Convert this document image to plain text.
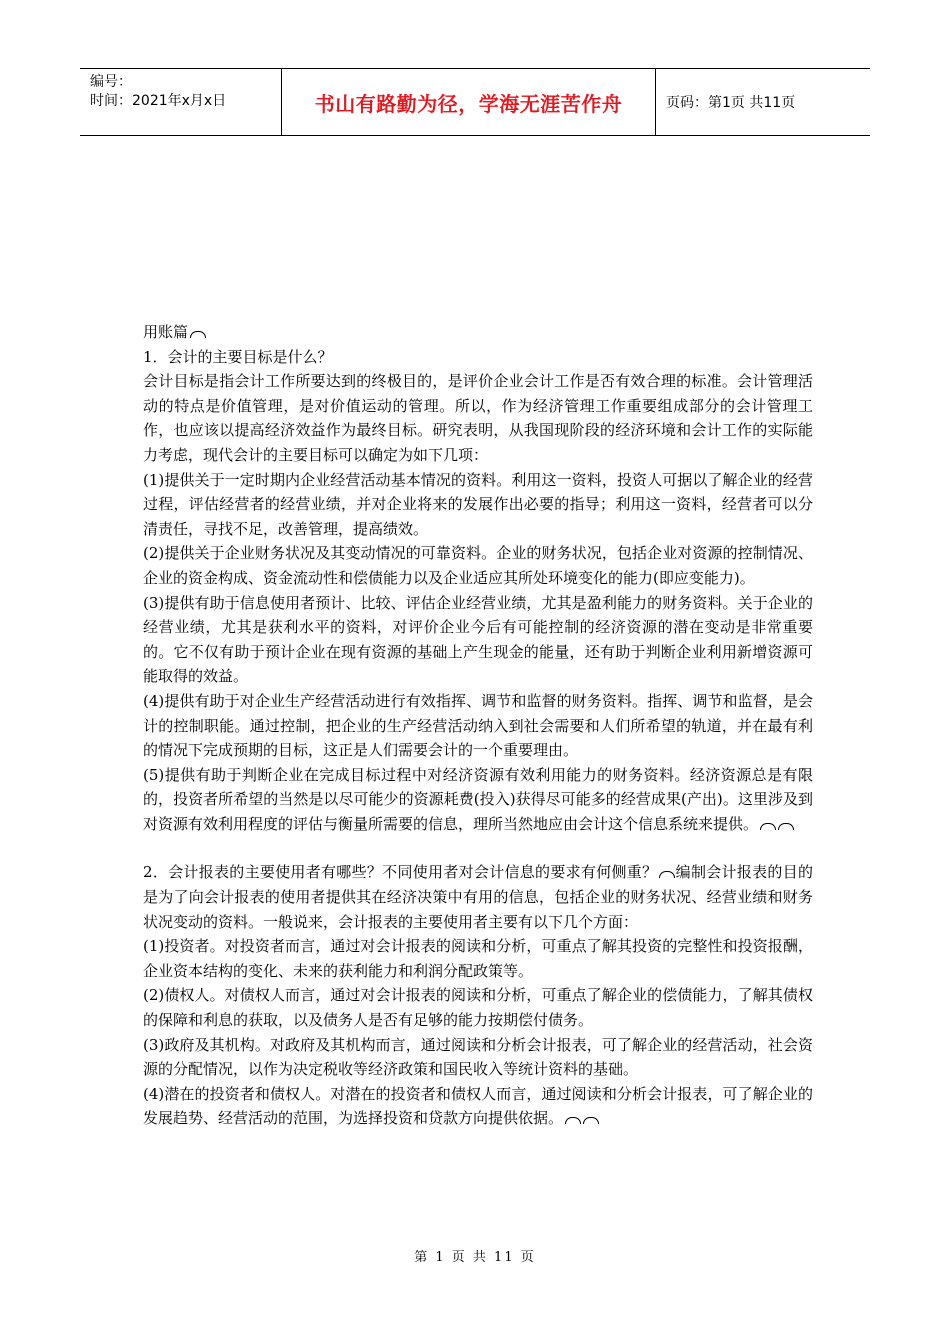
编号：
时间：2021年x月x日	书山有路勤为径，学海无涯苦作舟	页码：第1页 共11页

用账篇

1．会计的主要目标是什么？

会计目标是指会计工作所要达到的终极目的，是评价企业会计工作是否有效合理的标准。会计管理活动的特点是价值管理，是对价值运动的管理。所以，作为经济管理工作重要组成部分的会计管理工作，也应该以提高经济效益作为最终目标。研究表明，从我国现阶段的经济环境和会计工作的实际能力考虑，现代会计的主要目标可以确定为如下几项：

(1)提供关于一定时期内企业经营活动基本情况的资料。利用这一资料，投资人可据以了解企业的经营过程，评估经营者的经营业绩，并对企业将来的发展作出必要的指导；利用这一资料，经营者可以分清责任，寻找不足，改善管理，提高绩效。

(2)提供关于企业财务状况及其变动情况的可靠资料。企业的财务状况，包括企业对资源的控制情况、企业的资金构成、资金流动性和偿债能力以及企业适应其所处环境变化的能力(即应变能力)。

(3)提供有助于信息使用者预计、比较、评估企业经营业绩，尤其是盈利能力的财务资料。关于企业的经营业绩，尤其是获利水平的资料，对评价企业今后有可能控制的经济资源的潜在变动是非常重要的。它不仅有助于预计企业在现有资源的基础上产生现金的能量，还有助于判断企业利用新增资源可能取得的效益。

(4)提供有助于对企业生产经营活动进行有效指挥、调节和监督的财务资料。指挥、调节和监督，是会计的控制职能。通过控制，把企业的生产经营活动纳入到社会需要和人们所希望的轨道，并在最有利的情况下完成预期的目标，这正是人们需要会计的一个重要理由。

(5)提供有助于判断企业在完成目标过程中对经济资源有效利用能力的财务资料。经济资源总是有限的，投资者所希望的当然是以尽可能少的资源耗费(投入)获得尽可能多的经营成果(产出)。这里涉及到对资源有效利用程度的评估与衡量所需要的信息，理所当然地应由会计这个信息系统来提供。

2．会计报表的主要使用者有哪些？不同使用者对会计信息的要求有何侧重？ 编制会计报表的目的是为了向会计报表的使用者提供其在经济决策中有用的信息，包括企业的财务状况、经营业绩和财务状况变动的资料。一般说来，会计报表的主要使用者主要有以下几个方面：

(1)投资者。对投资者而言，通过对会计报表的阅读和分析，可重点了解其投资的完整性和投资报酬，企业资本结构的变化、未来的获利能力和利润分配政策等。

(2)债权人。对债权人而言，通过对会计报表的阅读和分析，可重点了解企业的偿债能力，了解其债权的保障和利息的获取，以及债务人是否有足够的能力按期偿付债务。

(3)政府及其机构。对政府及其机构而言，通过阅读和分析会计报表，可了解企业的经营活动，社会资源的分配情况，以作为决定税收等经济政策和国民收入等统计资料的基础。

(4)潜在的投资者和债权人。对潜在的投资者和债权人而言，通过阅读和分析会计报表，可了解企业的发展趋势、经营活动的范围，为选择投资和贷款方向提供依据。

第 1 页 共 11 页
